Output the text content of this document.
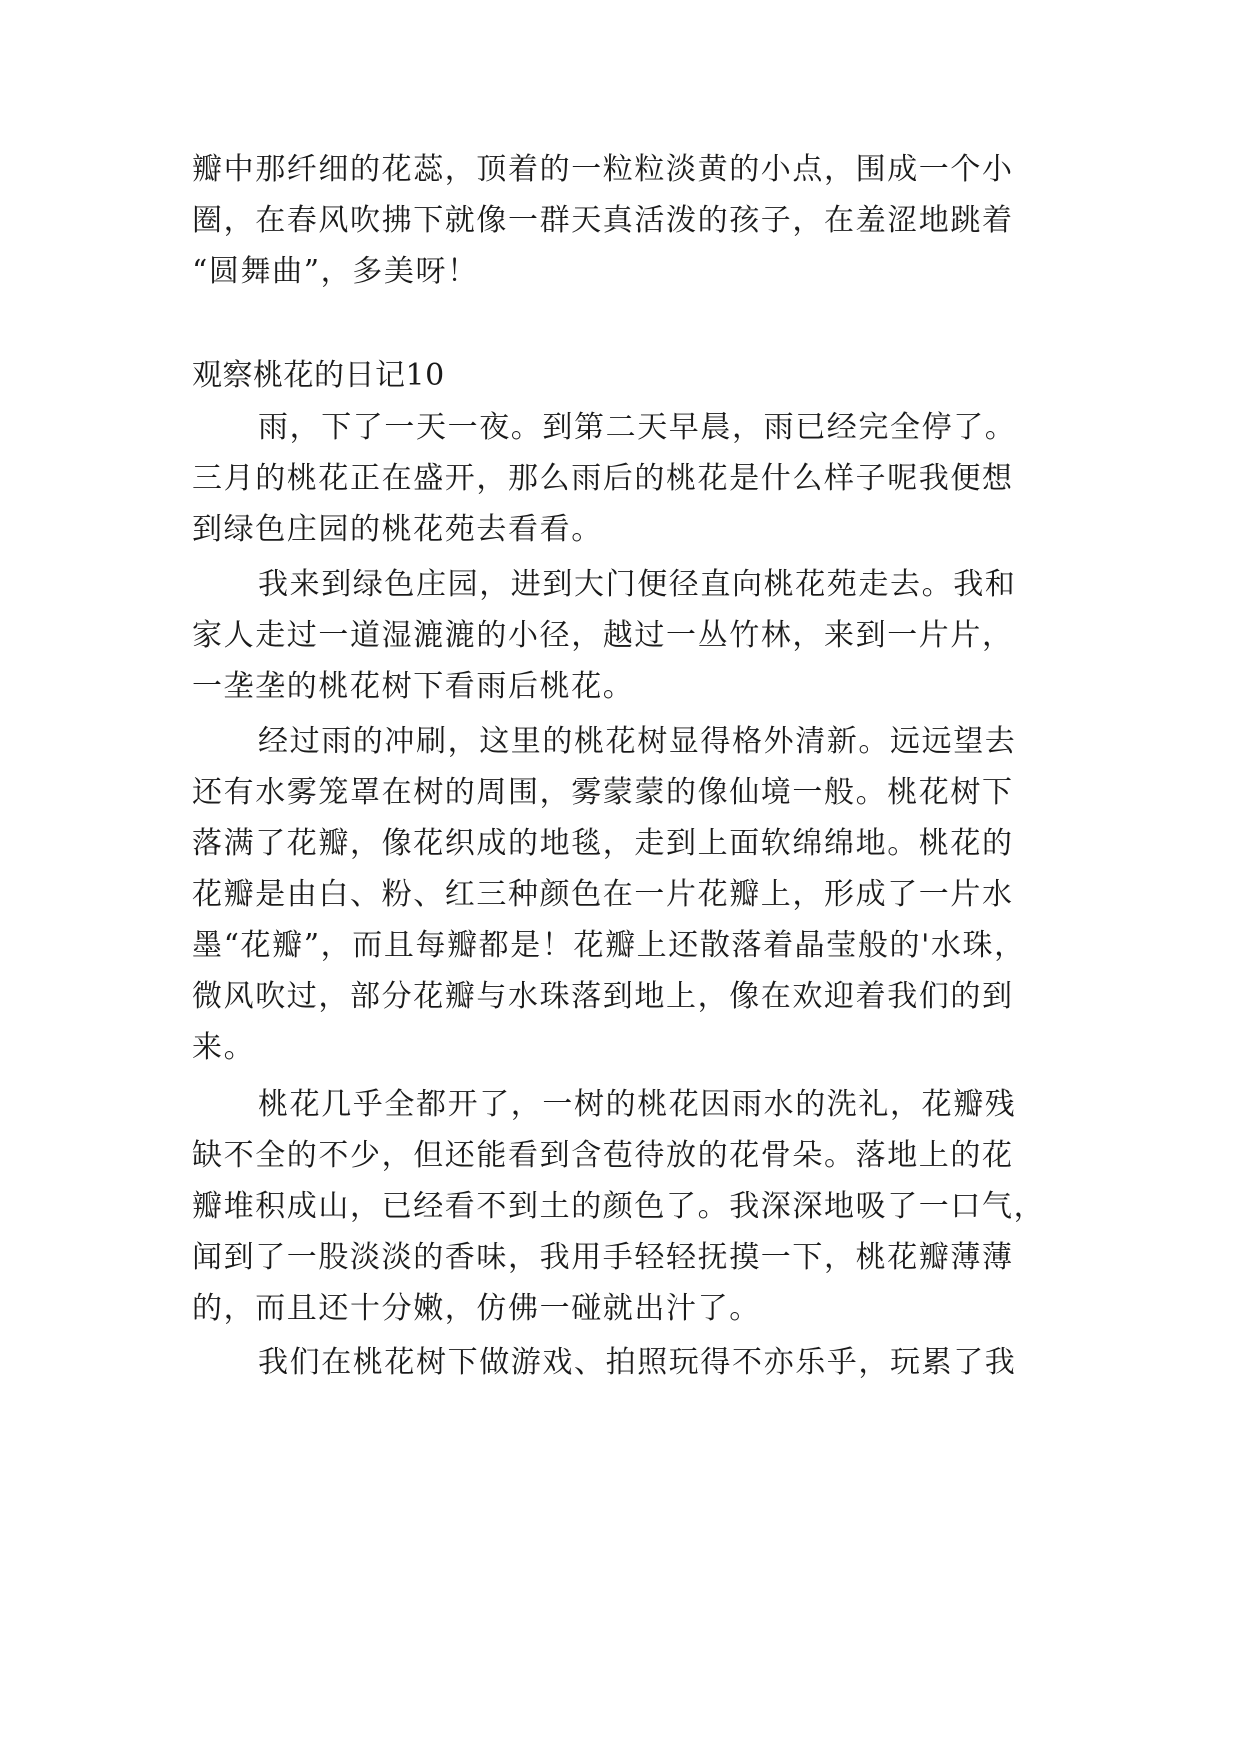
瓣中那纤细的花蕊，顶着的一粒粒淡黄的小点，围成一个小
圈，在春风吹拂下就像一群天真活泼的孩子，在羞涩地跳着
“圆舞曲”，多美呀！
观察桃花的日记10
雨，下了一天一夜。到第二天早晨，雨已经完全停了。
三月的桃花正在盛开，那么雨后的桃花是什么样子呢我便想
到绿色庄园的桃花苑去看看。
我来到绿色庄园，进到大门便径直向桃花苑走去。我和
家人走过一道湿漉漉的小径，越过一丛竹林，来到一片片，
一垄垄的桃花树下看雨后桃花。
经过雨的冲刷，这里的桃花树显得格外清新。远远望去
还有水雾笼罩在树的周围，雾蒙蒙的像仙境一般。桃花树下
落满了花瓣，像花织成的地毯，走到上面软绵绵地。桃花的
花瓣是由白、粉、红三种颜色在一片花瓣上，形成了一片水
墨“花瓣”，而且每瓣都是！花瓣上还散落着晶莹般的'水珠，
微风吹过，部分花瓣与水珠落到地上，像在欢迎着我们的到
来。
桃花几乎全都开了，一树的桃花因雨水的洗礼，花瓣残
缺不全的不少，但还能看到含苞待放的花骨朵。落地上的花
瓣堆积成山，已经看不到土的颜色了。我深深地吸了一口气，
闻到了一股淡淡的香味，我用手轻轻抚摸一下，桃花瓣薄薄
的，而且还十分嫩，仿佛一碰就出汁了。
我们在桃花树下做游戏、拍照玩得不亦乐乎，玩累了我
